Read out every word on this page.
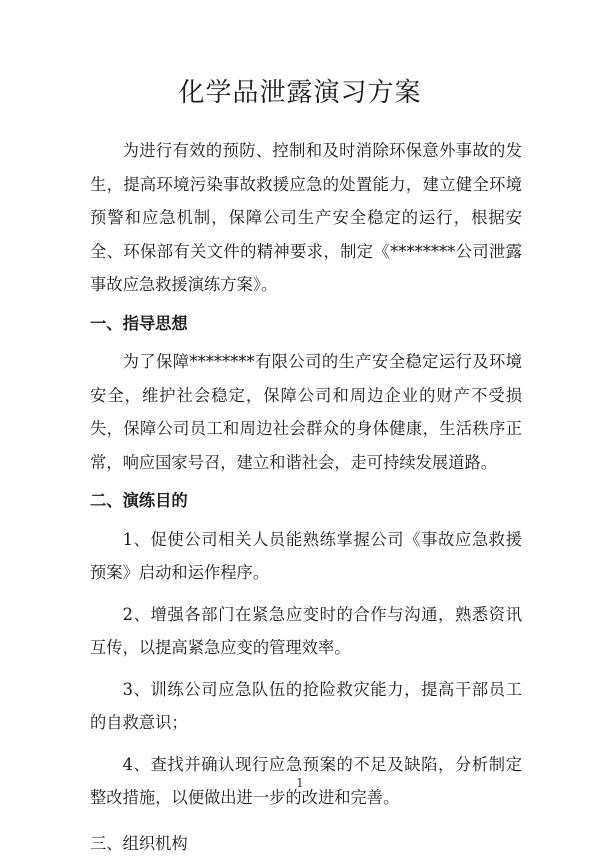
化学品泄露演习方案

为进行有效的预防、控制和及时消除环保意外事故的发生，提高环境污染事故救援应急的处置能力，建立健全环境预警和应急机制，保障公司生产安全稳定的运行，根据安全、环保部有关文件的精神要求，制定《********公司泄露事故应急救援演练方案》。

一、指导思想

为了保障********有限公司的生产安全稳定运行及环境安全，维护社会稳定，保障公司和周边企业的财产不受损失，保障公司员工和周边社会群众的身体健康，生活秩序正常，响应国家号召，建立和谐社会，走可持续发展道路。

二、演练目的

1、促使公司相关人员能熟练掌握公司《事故应急救援预案》启动和运作程序。

2、增强各部门在紧急应变时的合作与沟通，熟悉资讯互传，以提高紧急应变的管理效率。

3、训练公司应急队伍的抢险救灾能力，提高干部员工的自救意识；

4、查找并确认现行应急预案的不足及缺陷，分析制定整改措施，以便做出进一步的改进和完善。

三、组织机构
1
